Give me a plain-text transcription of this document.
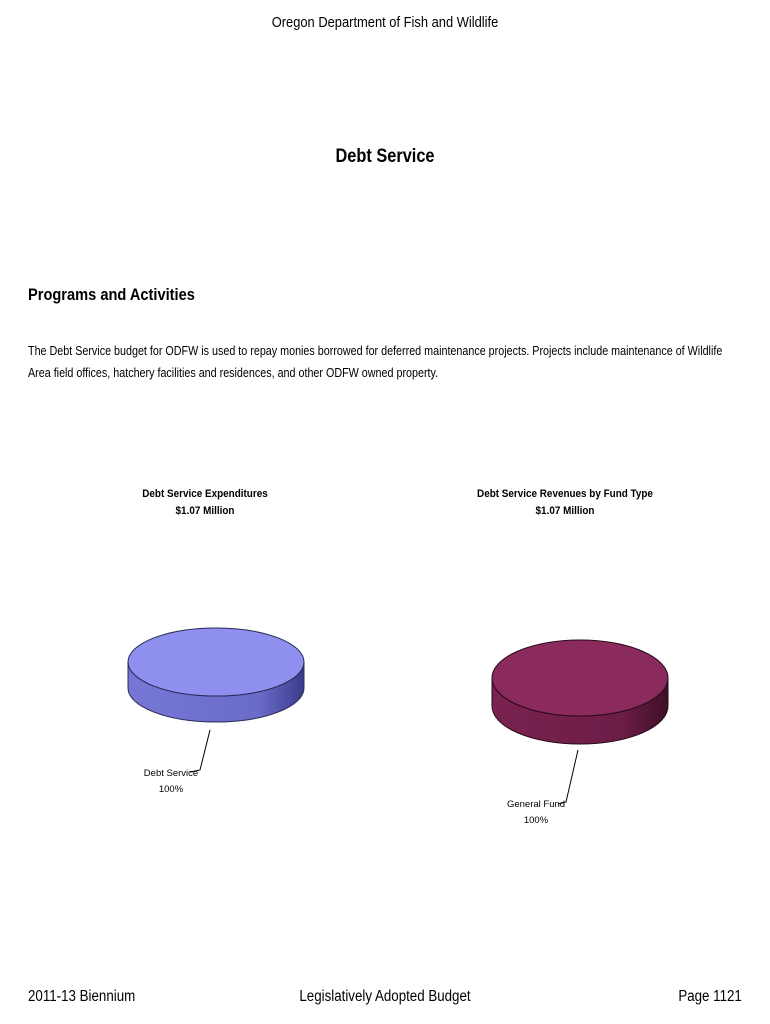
Oregon Department of Fish and Wildlife
Debt Service
Programs and Activities
The Debt Service budget for ODFW is used to repay monies borrowed for deferred maintenance projects. Projects include maintenance of Wildlife Area field offices, hatchery facilities and residences, and other ODFW owned property.
Debt Service Expenditures
$1.07 Million
Debt Service
100%
Debt Service Revenues by Fund Type
$1.07 Million
General Fund
100%
2011-13 Biennium	Legislatively Adopted Budget	Page 1121
